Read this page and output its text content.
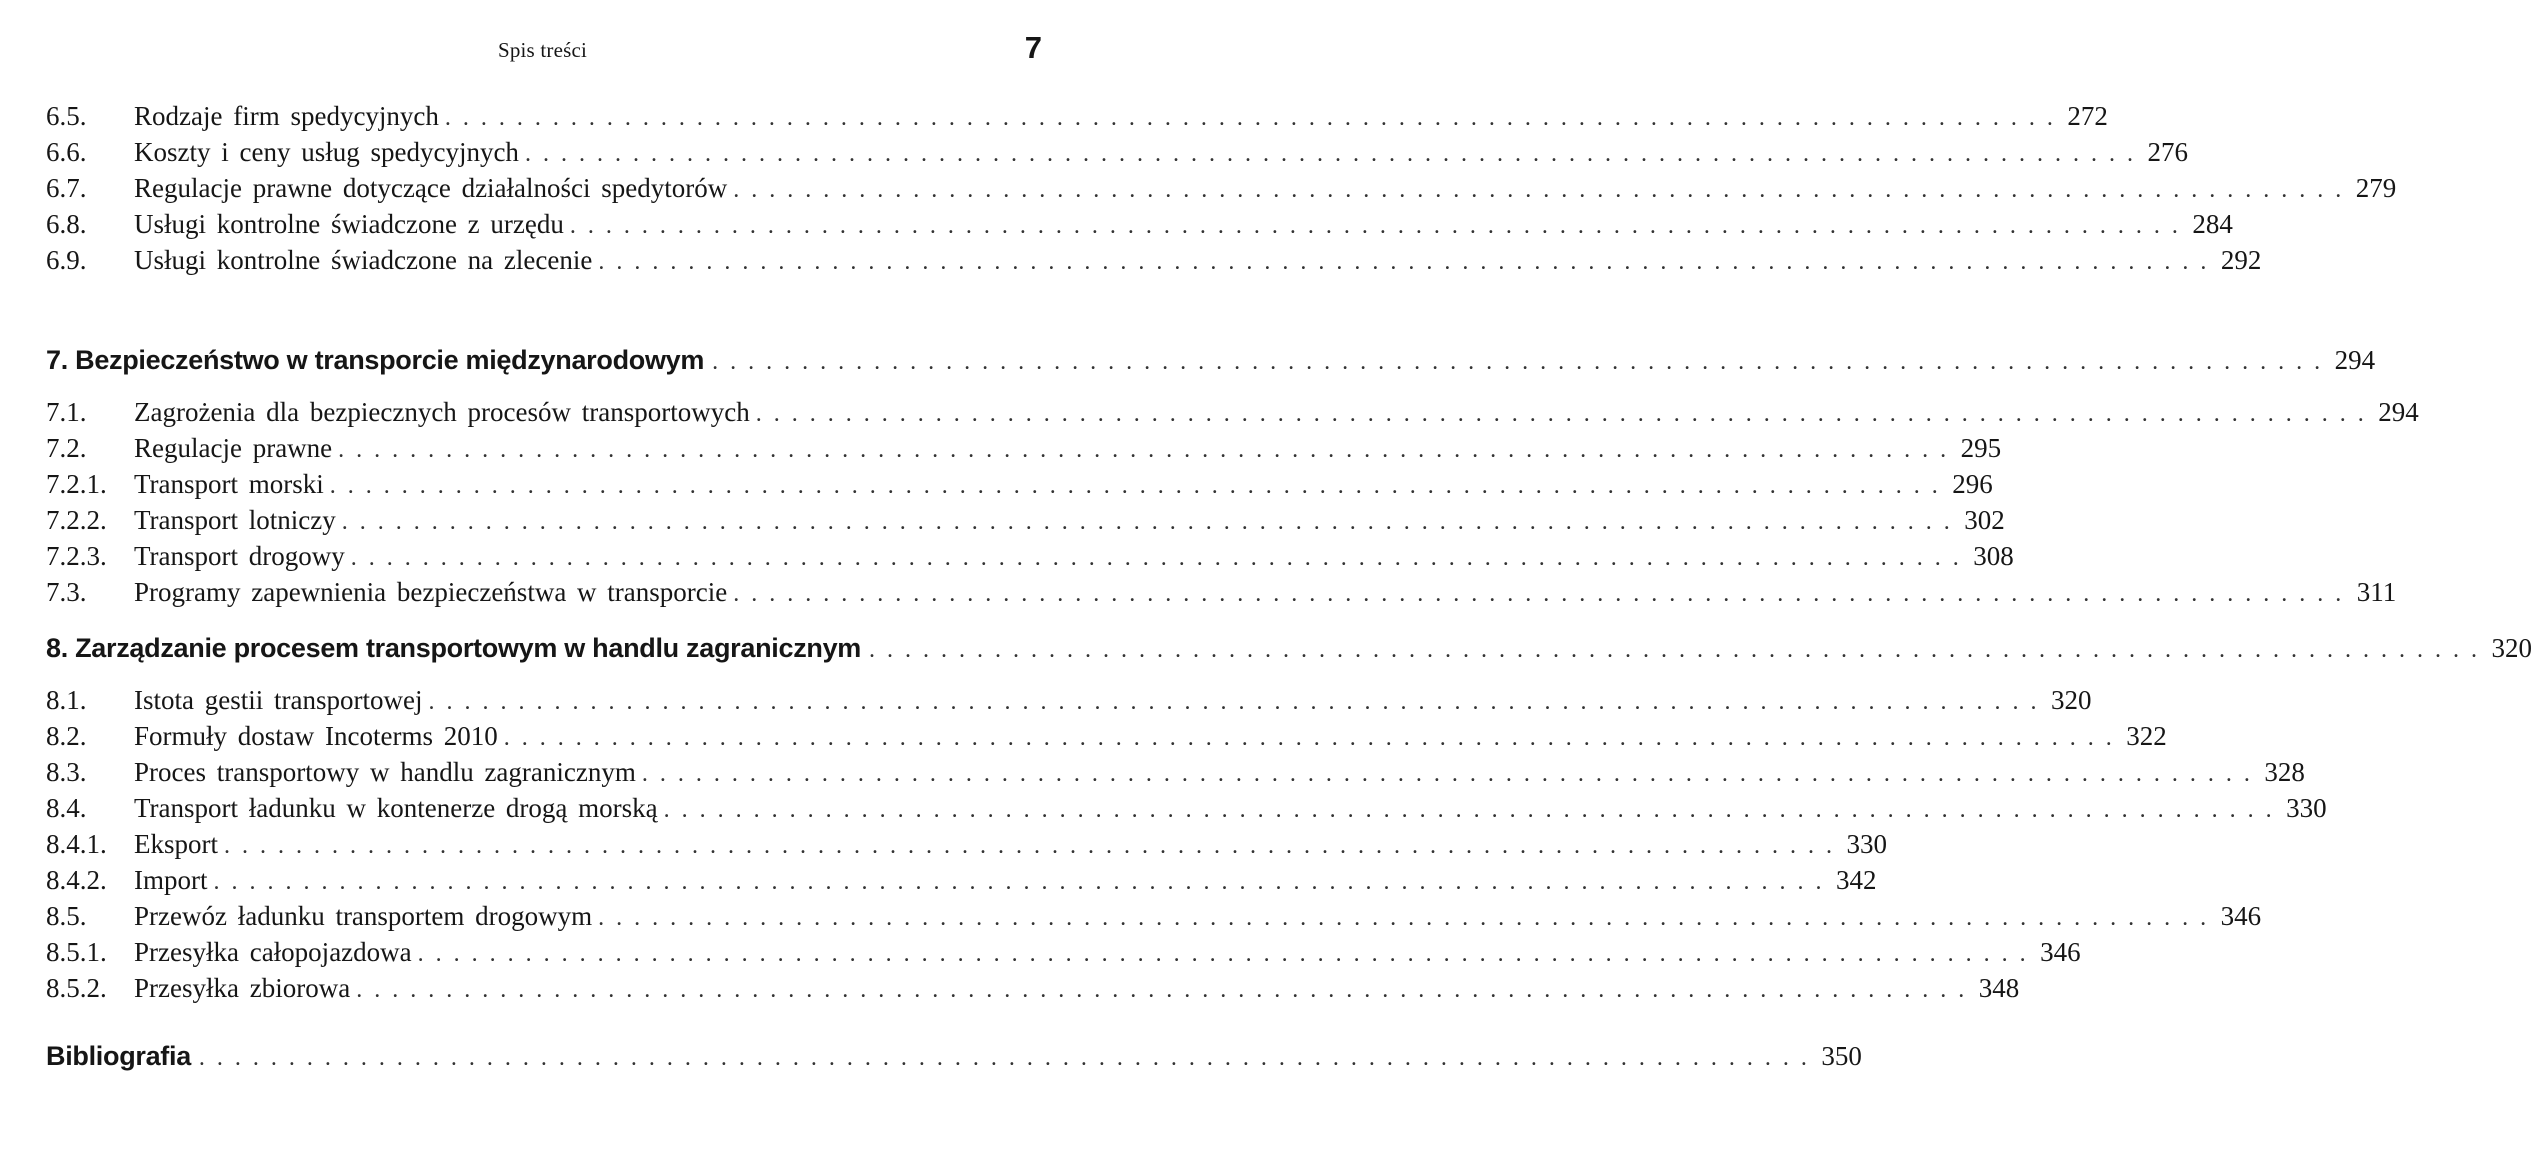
Spis treści	7
6.5.	Rodzaje firm spedycyjnych . . .	272
6.6.	Koszty i ceny usług spedycyjnych . . .	276
6.7.	Regulacje prawne dotyczące działalności spedytorów . . .	279
6.8.	Usługi kontrolne świadczone z urzędu . . .	284
6.9.	Usługi kontrolne świadczone na zlecenie . . .	292
7. Bezpieczeństwo w transporcie międzynarodowym . . .	294
7.1.	Zagrożenia dla bezpiecznych procesów transportowych . . .	294
7.2.	Regulacje prawne . . .	295
7.2.1.	Transport morski . . .	296
7.2.2.	Transport lotniczy . . .	302
7.2.3.	Transport drogowy . . .	308
7.3.	Programy zapewnienia bezpieczeństwa w transporcie . . .	311
8. Zarządzanie procesem transportowym w handlu zagranicznym . . .	320
8.1.	Istota gestii transportowej . . .	320
8.2.	Formuły dostaw Incoterms 2010 . . .	322
8.3.	Proces transportowy w handlu zagranicznym . . .	328
8.4.	Transport ładunku w kontenerze drogą morską . . .	330
8.4.1.	Eksport . . .	330
8.4.2.	Import . . .	342
8.5.	Przewóz ładunku transportem drogowym . . .	346
8.5.1.	Przesyłka całopojazdowa . . .	346
8.5.2.	Przesyłka zbiorowa . . .	348
Bibliografia . . .	350
